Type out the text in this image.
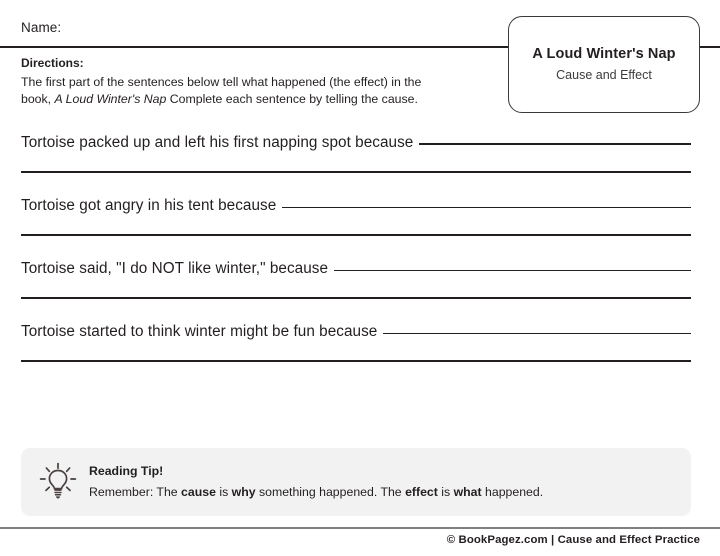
Name:
A Loud Winter's Nap
Cause and Effect
Directions:
The first part of the sentences below tell what happened (the effect) in the
book, A Loud Winter's Nap Complete each sentence by telling the cause.
Tortoise packed up and left his first napping spot because
Tortoise got angry in his tent because
Tortoise said, "I do NOT like winter," because
Tortoise started to think winter might be fun because
Reading Tip!
Remember: The cause is why something happened. The effect is what happened.
© BookPagez.com | Cause and Effect Practice
